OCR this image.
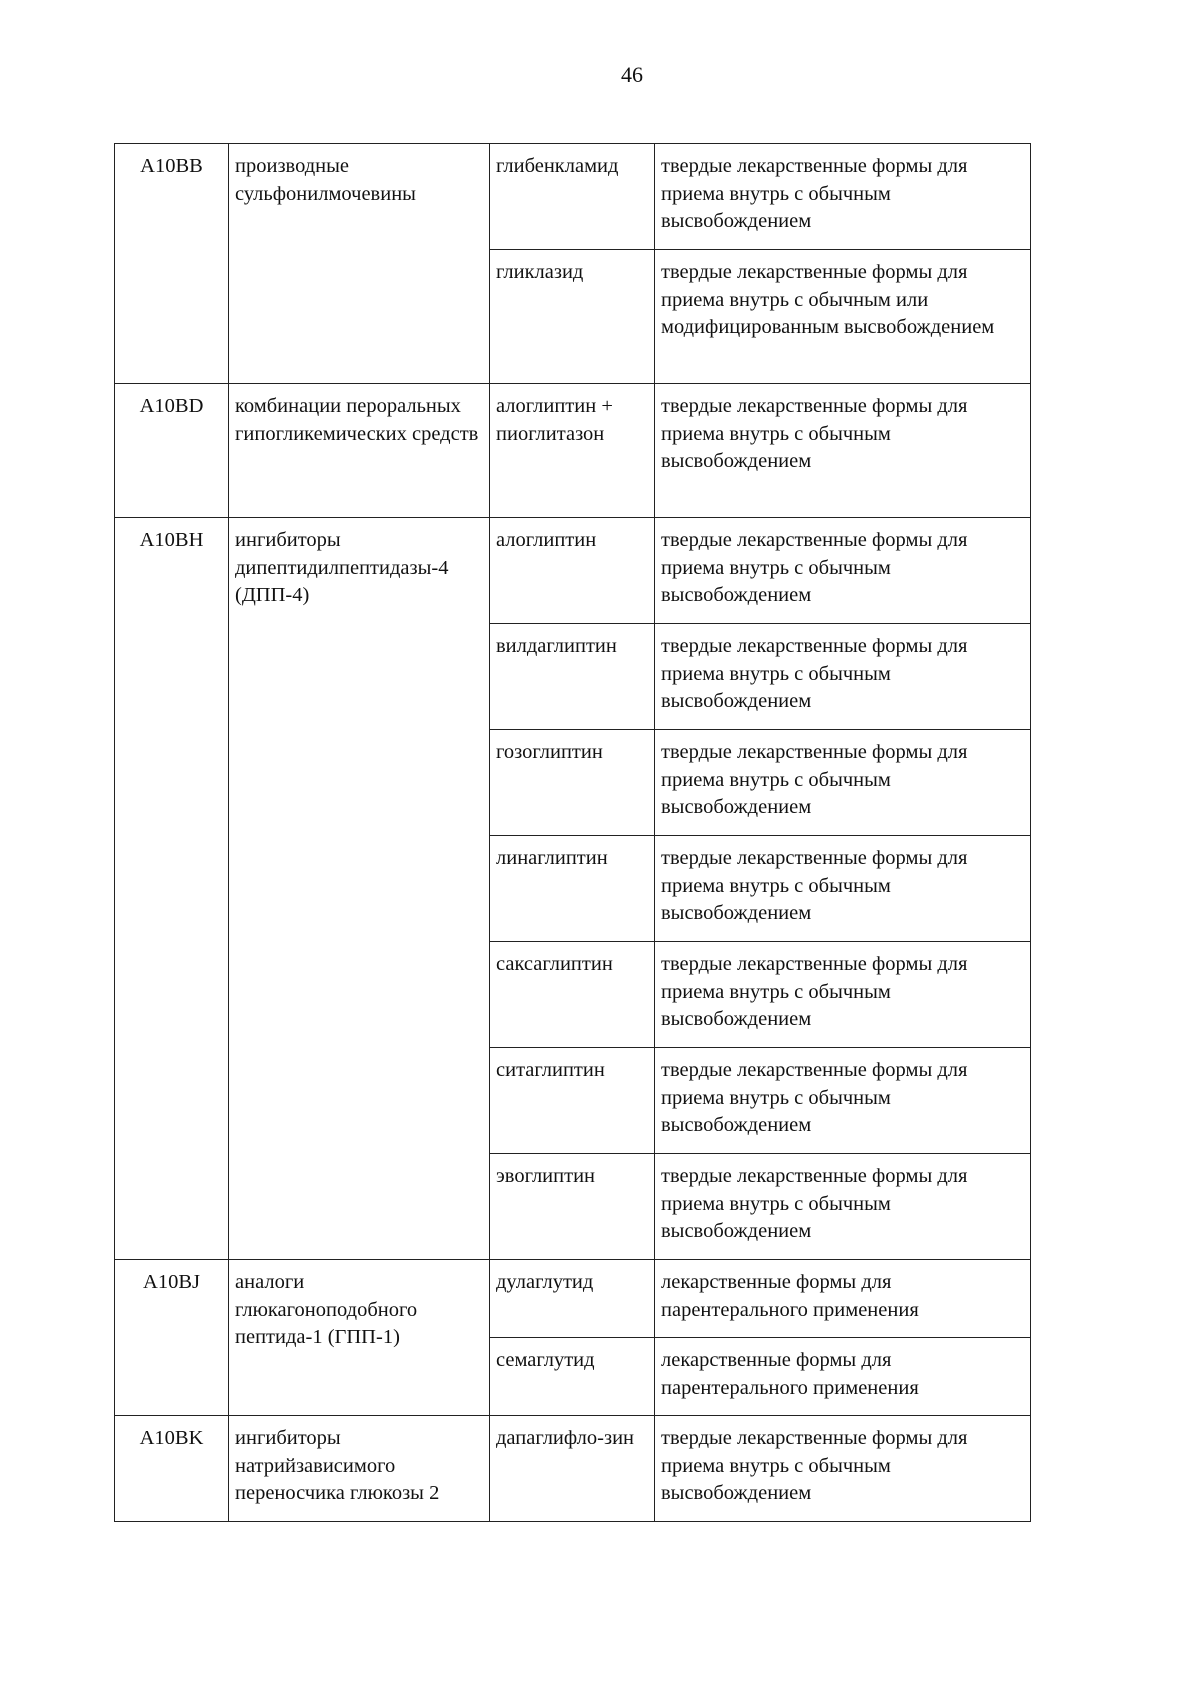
46
A10BB	производные сульфонилмочевины	глибенкламид	твердые лекарственные формы для приема внутрь с обычным высвобождением
		гликлазид	твердые лекарственные формы для приема внутрь с обычным или модифицированным высвобождением
A10BD	комбинации пероральных гипогликемических средств	алоглиптин + пиоглитазон	твердые лекарственные формы для приема внутрь с обычным высвобождением
A10BH	ингибиторы дипептидилпептидазы-4 (ДПП-4)	алоглиптин	твердые лекарственные формы для приема внутрь с обычным высвобождением
		вилдаглиптин	твердые лекарственные формы для приема внутрь с обычным высвобождением
		гозоглиптин	твердые лекарственные формы для приема внутрь с обычным высвобождением
		линаглиптин	твердые лекарственные формы для приема внутрь с обычным высвобождением
		саксаглиптин	твердые лекарственные формы для приема внутрь с обычным высвобождением
		ситаглиптин	твердые лекарственные формы для приема внутрь с обычным высвобождением
		эвоглиптин	твердые лекарственные формы для приема внутрь с обычным высвобождением
A10BJ	аналоги глюкагоноподобного пептида-1 (ГПП-1)	дулаглутид	лекарственные формы для парентерального применения
		семаглутид	лекарственные формы для парентерального применения
A10BK	ингибиторы натрийзависимого переносчика глюкозы 2	дапаглифло-зин	твердые лекарственные формы для приема внутрь с обычным высвобождением
